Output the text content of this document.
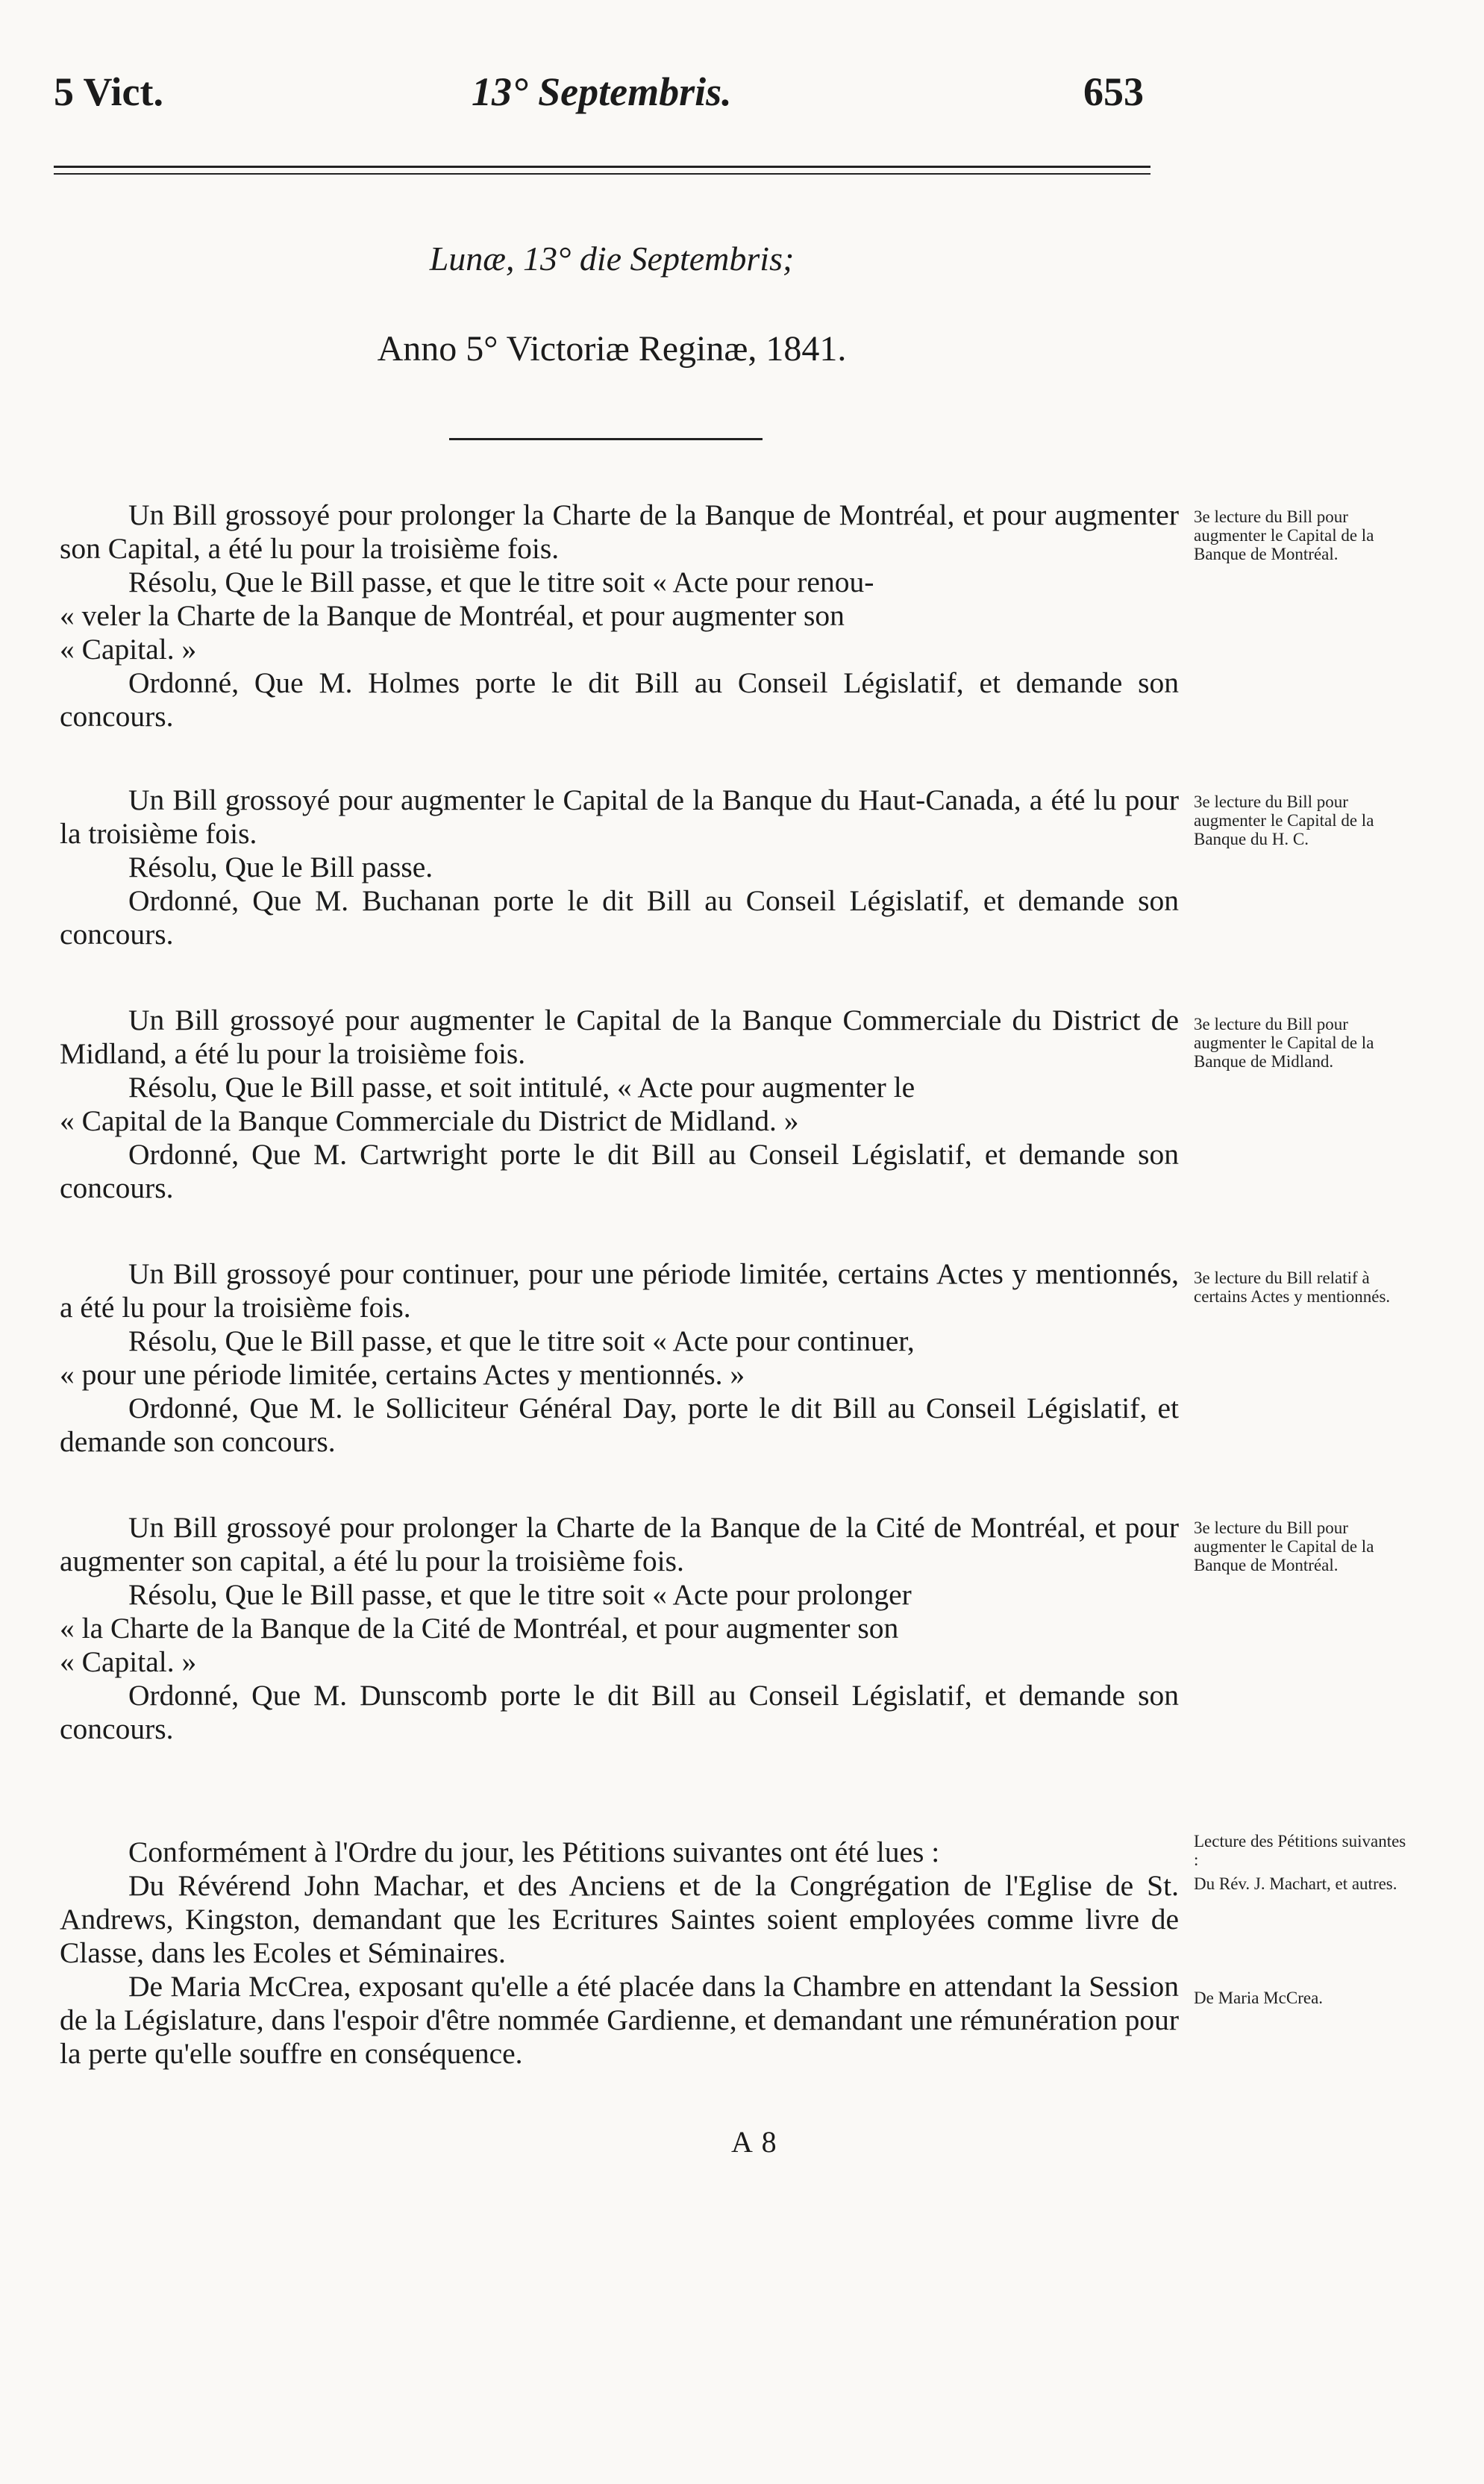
5 Vict.	13° Septembris.	653
Lunæ, 13° die Septembris;
Anno 5° Victoriæ Reginæ, 1841.

Un Bill grossoyé pour prolonger la Charte de la Banque de Montréal, et pour augmenter son Capital, a été lu pour la troisième fois.

Résolu, Que le Bill passe, et que le titre soit « Acte pour renou-

« veler la Charte de la Banque de Montréal, et pour augmenter son

« Capital. »

Ordonné, Que M. Holmes porte le dit Bill au Conseil Législatif, et demande son concours.

3e lecture du Bill pour augmenter le Capital de la Banque de Montréal.

Un Bill grossoyé pour augmenter le Capital de la Banque du Haut-Canada, a été lu pour la troisième fois.

Résolu, Que le Bill passe.

Ordonné, Que M. Buchanan porte le dit Bill au Conseil Législatif, et demande son concours.

3e lecture du Bill pour augmenter le Capital de la Banque du H. C.

Un Bill grossoyé pour augmenter le Capital de la Banque Commerciale du District de Midland, a été lu pour la troisième fois.

Résolu, Que le Bill passe, et soit intitulé, « Acte pour augmenter le

« Capital de la Banque Commerciale du District de Midland. »

Ordonné, Que M. Cartwright porte le dit Bill au Conseil Législatif, et demande son concours.

3e lecture du Bill pour augmenter le Capital de la Banque de Midland.

Un Bill grossoyé pour continuer, pour une période limitée, certains Actes y mentionnés, a été lu pour la troisième fois.

Résolu, Que le Bill passe, et que le titre soit « Acte pour continuer,

« pour une période limitée, certains Actes y mentionnés. »

Ordonné, Que M. le Solliciteur Général Day, porte le dit Bill au Conseil Législatif, et demande son concours.

3e lecture du Bill relatif à certains Actes y mentionnés.

Un Bill grossoyé pour prolonger la Charte de la Banque de la Cité de Montréal, et pour augmenter son capital, a été lu pour la troisième fois.

Résolu, Que le Bill passe, et que le titre soit « Acte pour prolonger

« la Charte de la Banque de la Cité de Montréal, et pour augmenter son

« Capital. »

Ordonné, Que M. Dunscomb porte le dit Bill au Conseil Législatif, et demande son concours.

3e lecture du Bill pour augmenter le Capital de la Banque de Montréal.

Conformément à l'Ordre du jour, les Pétitions suivantes ont été lues :

Du Révérend John Machar, et des Anciens et de la Congrégation de l'Eglise de St. Andrews, Kingston, demandant que les Ecritures Saintes soient employées comme livre de Classe, dans les Ecoles et Séminaires.

De Maria McCrea, exposant qu'elle a été placée dans la Chambre en attendant la Session de la Législature, dans l'espoir d'être nommée Gardienne, et demandant une rémunération pour la perte qu'elle souffre en conséquence.

Lecture des Pétitions suivantes :
Du Rév. J. Machart, et autres.
De Maria McCrea.
A 8
